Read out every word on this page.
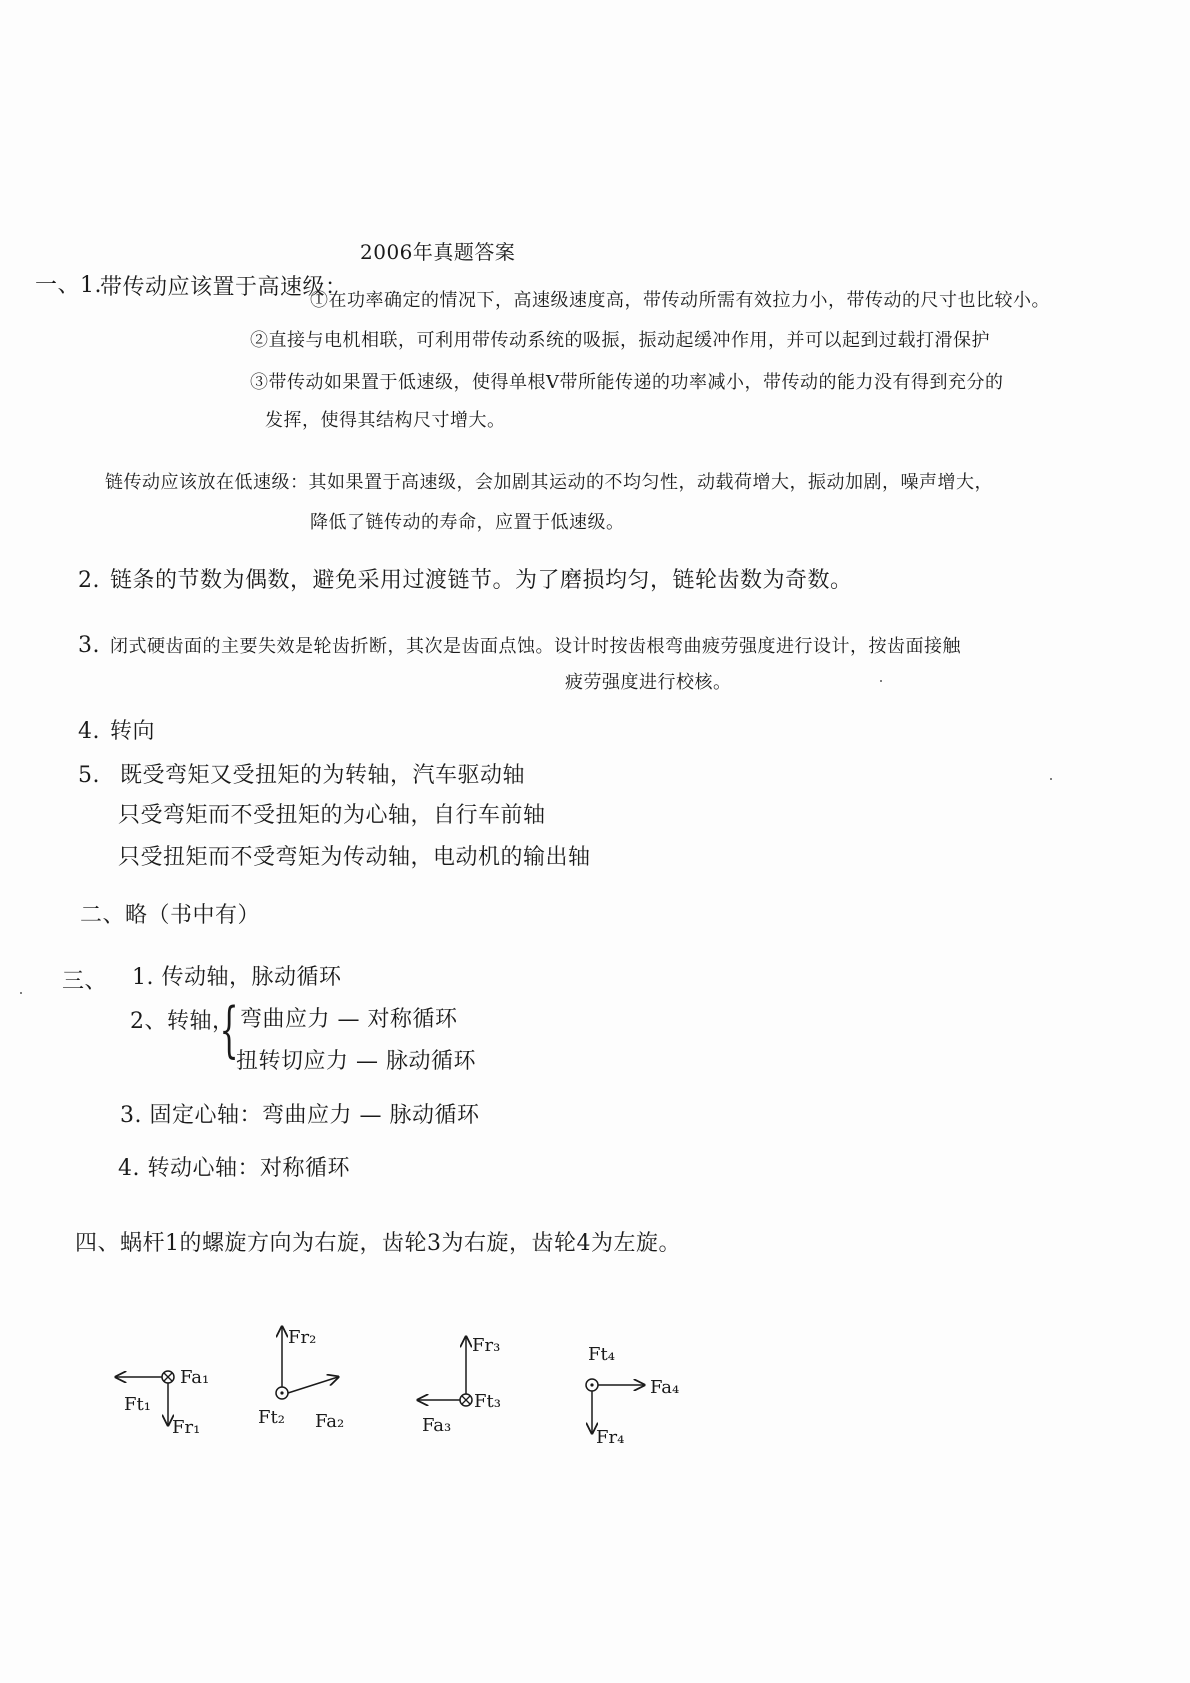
2006年真题答案
一、1.
带传动应该置于高速级：
①在功率确定的情况下，高速级速度高，带传动所需有效拉力小，带传动的尺寸也比较小。
②直接与电机相联，可利用带传动系统的吸振，振动起缓冲作用，并可以起到过载打滑保护
③带传动如果置于低速级，使得单根V带所能传递的功率减小，带传动的能力没有得到充分的
发挥，使得其结构尺寸增大。
链传动应该放在低速级：其如果置于高速级，会加剧其运动的不均匀性，动载荷增大，振动加剧，噪声增大，
降低了链传动的寿命，应置于低速级。
2. 链条的节数为偶数，避免采用过渡链节。为了磨损均匀，链轮齿数为奇数。
3. 闭式硬齿面的主要失效是轮齿折断，其次是齿面点蚀。设计时按齿根弯曲疲劳强度进行设计，按齿面接触
疲劳强度进行校核。
4. 转向
5. 既受弯矩又受扭矩的为转轴，汽车驱动轴
只受弯矩而不受扭矩的为心轴，自行车前轴
只受扭矩而不受弯矩为传动轴，电动机的输出轴
二、略（书中有）
三、 1. 传动轴，脉动循环
2、转轴，
{ 弯曲应力 — 对称循环
扭转切应力 — 脉动循环
3. 固定心轴：弯曲应力 — 脉动循环
4. 转动心轴：对称循环
四、蜗杆1的螺旋方向为右旋，齿轮3为右旋，齿轮4为左旋。
Fa₁
Ft₁
Fr₁
Fr₂
Ft₂ Fa₂
Fr₃
Ft₃
Fa₃
Ft₄
Fa₄
Fr₄
